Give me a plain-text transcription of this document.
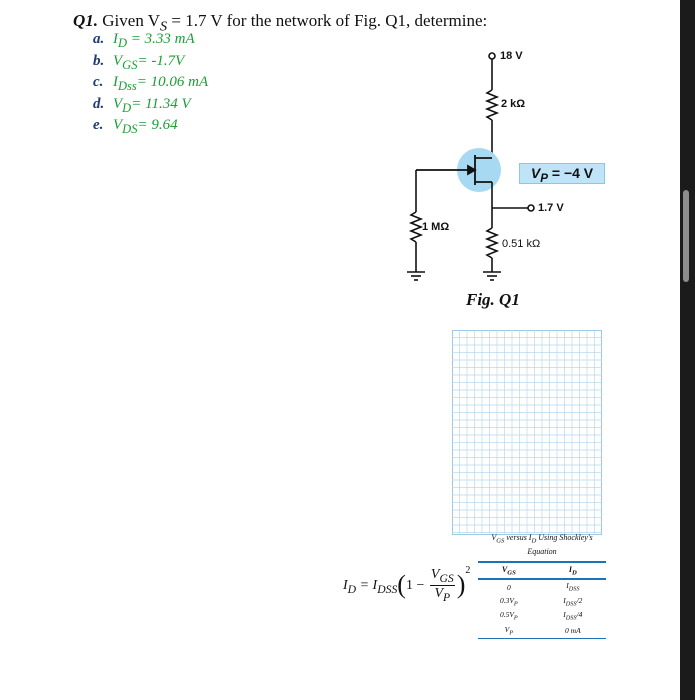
Q1. Given $V_S = 1.7$ V for the network of Fig. Q1, determine:
a. $I_D = 3.33$ mA
b. $V_{GS}= -1.7V$
c. $I_{Dss}= 10.06$ mA
d. $V_D= 11.34$ V
e. $V_{DS}= 9.64$
18 V
2 kΩ
$V_P = -4$ V
1.7 V
1 MΩ
0.51 kΩ
Fig. Q1
$I_D = I_{DSS}(1$ −
$V_{GS}$
$V_P$ )$^2$
$V_{GS}$ versus $I_D$ Using Shockley's
Equation
$V_{GS}$	$I_D$
0	$I_{DSS}$
$0.3V_P$	$I_{DSS}/2$
$0.5V_P$	$I_{DSS}/4$
$V_P$	0 mA
